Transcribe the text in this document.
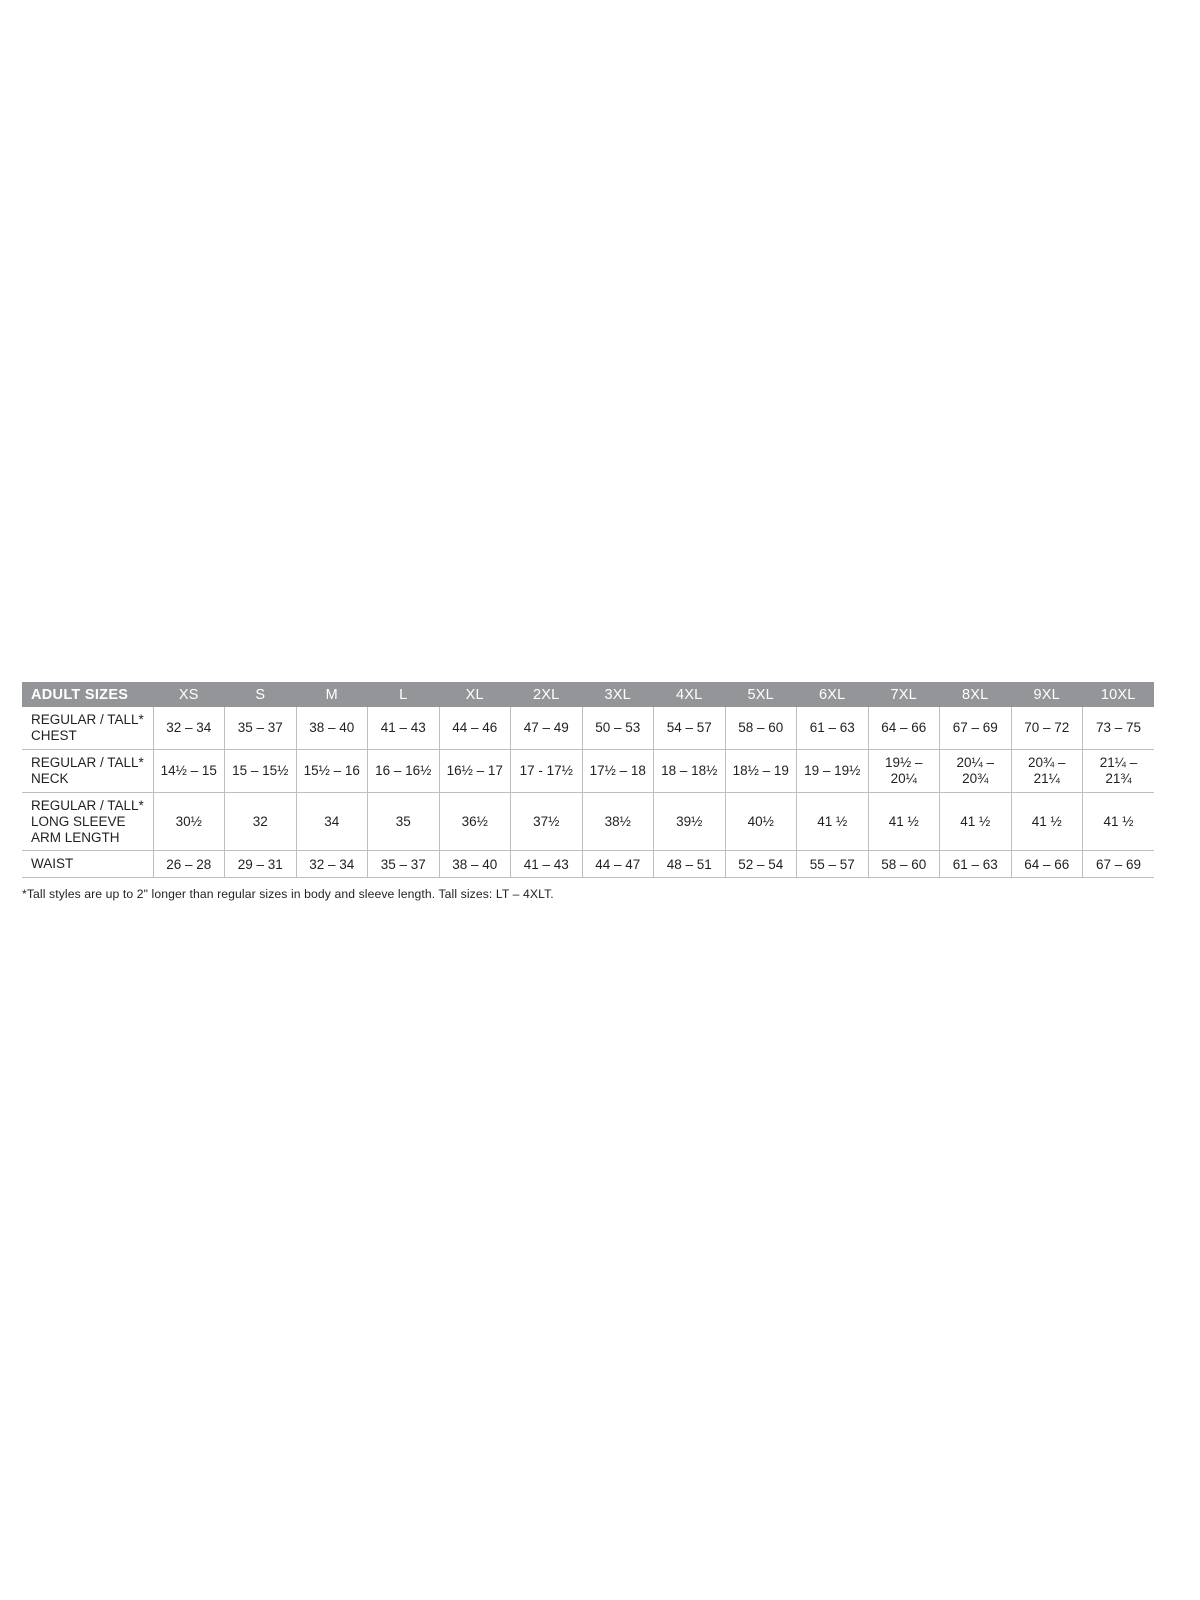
ADULT SIZES	XS	S	M	L	XL	2XL	3XL	4XL	5XL	6XL	7XL	8XL	9XL	10XL
REGULAR / TALL*
CHEST	32 – 34	35 – 37	38 – 40	41 – 43	44 – 46	47 – 49	50 – 53	54 – 57	58 – 60	61 – 63	64 – 66	67 – 69	70 – 72	73 – 75
REGULAR / TALL*
NECK	14½ – 15	15 – 15½	15½ – 16	16 – 16½	16½ – 17	17 - 17½	17½ – 18	18 – 18½	18½ – 19	19 – 19½	19½ – 20¼	20¼ – 20¾	20¾ – 21¼	21¼ – 21¾
REGULAR / TALL*
LONG SLEEVE
ARM LENGTH	30½	32	34	35	36½	37½	38½	39½	40½	41 ½	41 ½	41 ½	41 ½	41 ½
WAIST	26 – 28	29 – 31	32 – 34	35 – 37	38 – 40	41 – 43	44 – 47	48 – 51	52 – 54	55 – 57	58 – 60	61 – 63	64 – 66	67 – 69
*Tall styles are up to 2" longer than regular sizes in body and sleeve length. Tall sizes: LT – 4XLT.
